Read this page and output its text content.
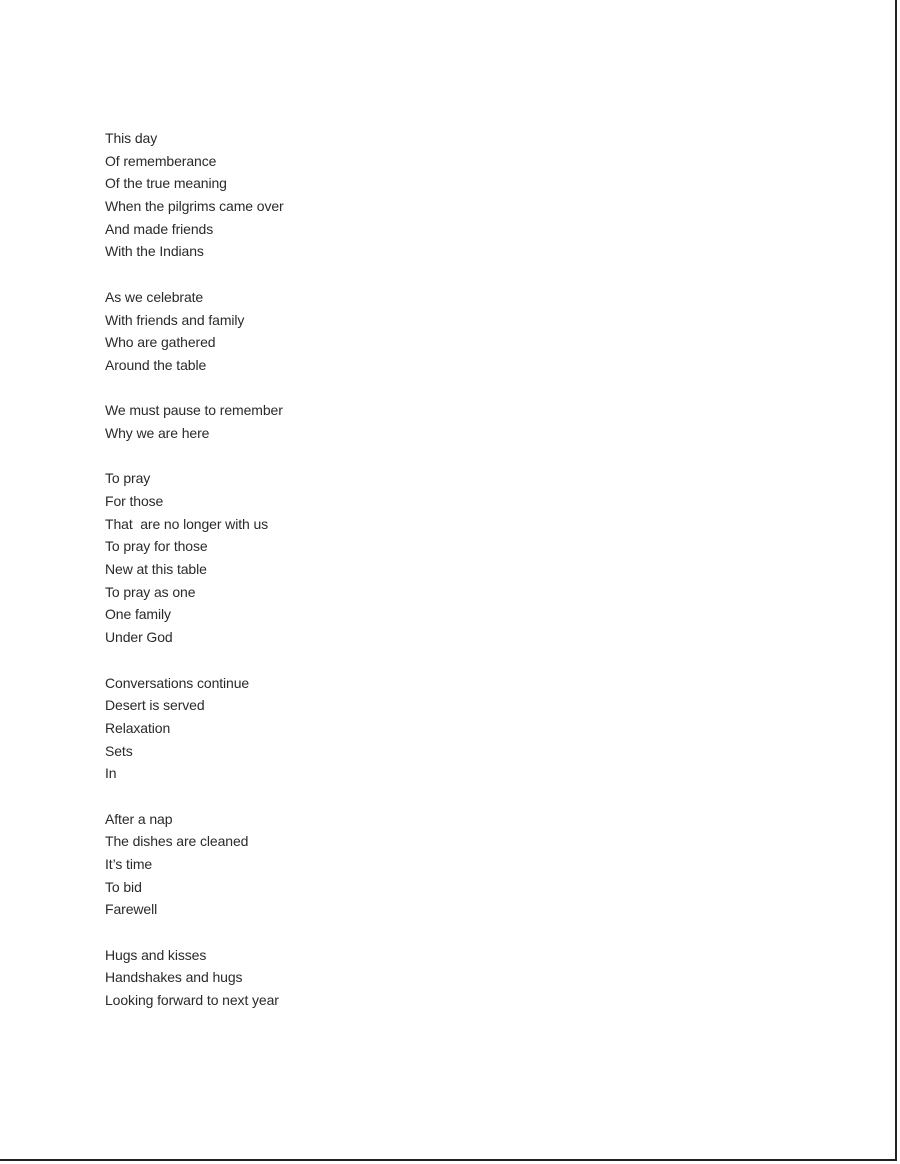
This day
Of rememberance
Of the true meaning
When the pilgrims came over
And made friends
With the Indians
As we celebrate
With friends and family
Who are gathered
Around the table
We must pause to remember
Why we are here
To pray
For those
That  are no longer with us
To pray for those
New at this table
To pray as one
One family
Under God
Conversations continue
Desert is served
Relaxation
Sets
In
After a nap
The dishes are cleaned
It’s time
To bid
Farewell
Hugs and kisses
Handshakes and hugs
Looking forward to next year
